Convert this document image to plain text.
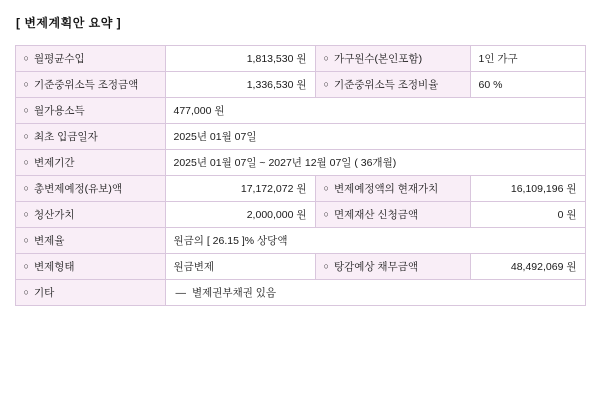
[ 변제계획안 요약 ]
○ 월평균수입	1,813,530 원	○ 가구원수(본인포함)	1인 가구
○ 기준중위소득 조정금액	1,336,530 원	○ 기준중위소득 조정비율	60 %
○ 월가용소득	477,000 원		
○ 최초 입금일자	2025년 01월 07일		
○ 변제기간	2025년 01월 07일 ~ 2027년 12월 07일 ( 36개월)		
○ 총변제예정(유보)액	17,172,072 원	○ 변제예정액의 현재가치	16,109,196 원
○ 청산가치	2,000,000 원	○ 면제재산 신청금액	0 원
○ 변제율	원금의 [ 26.15 ]% 상당액		
○ 변제형태	원금변제	○ 탕감예상 채무금액	48,492,069 원
○ 기타	— 별제권부채권 있음		
